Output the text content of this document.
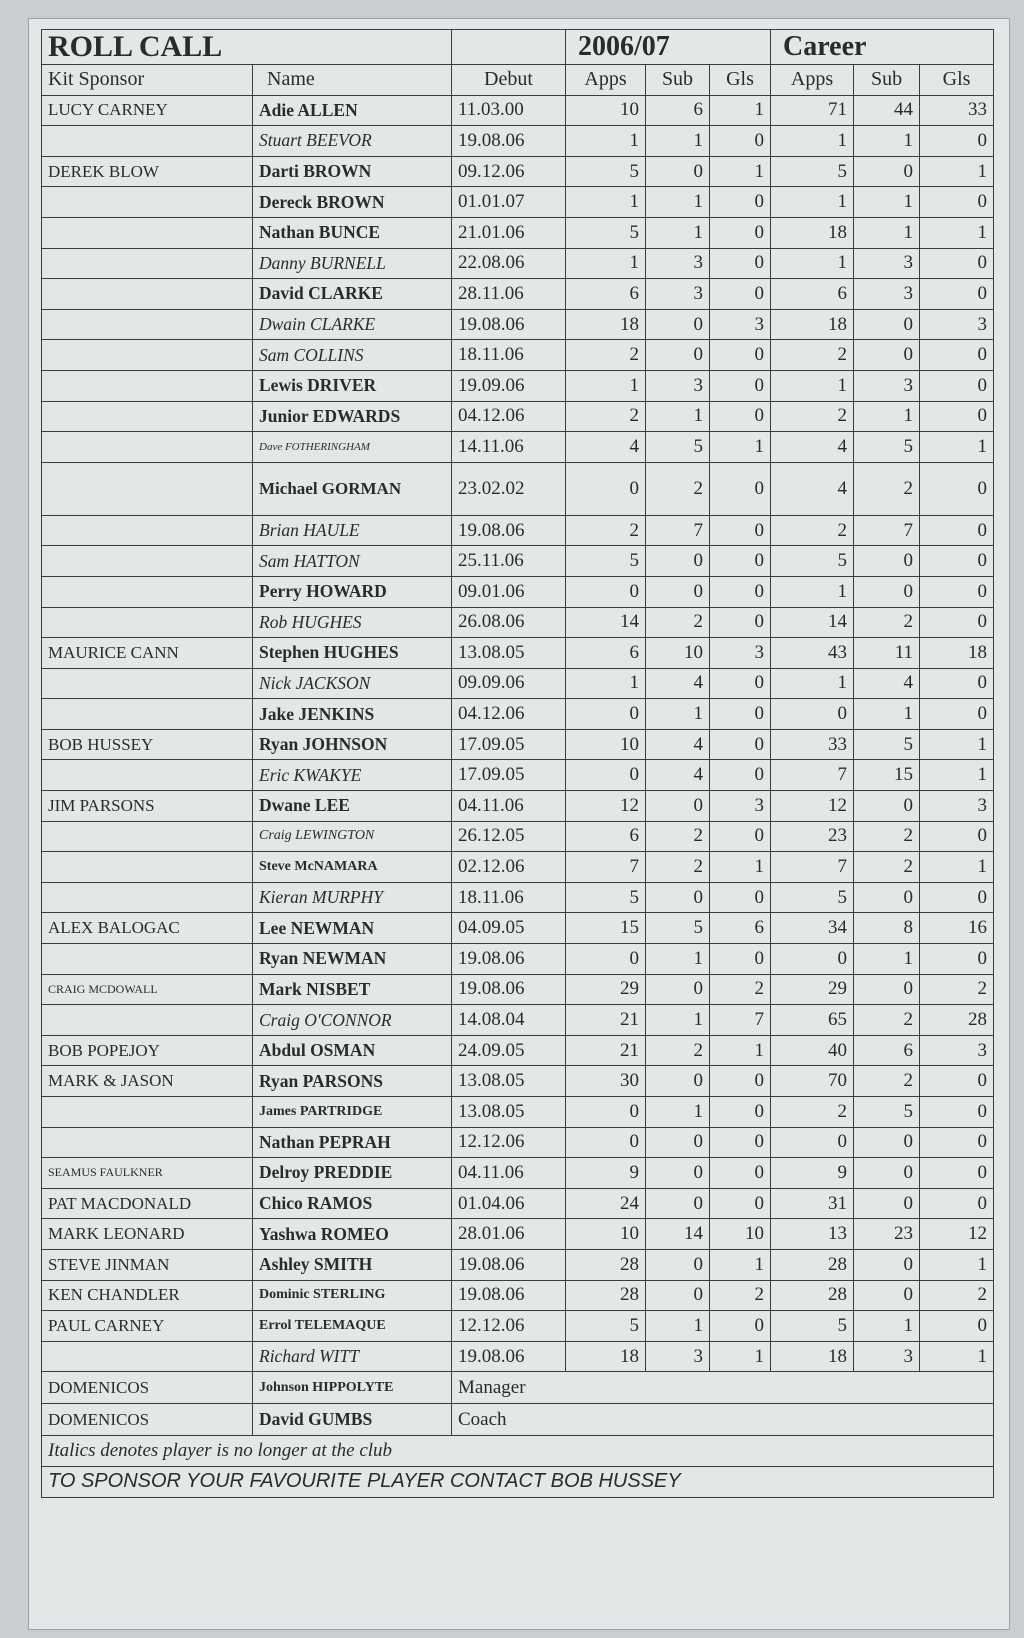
ROLL CALL			2006/07			Career		
Kit Sponsor	Name	Debut	Apps	Sub	Gls	Apps	Sub	Gls
LUCY CARNEY	Adie ALLEN	11.03.00	10	6	1	71	44	33
	Stuart BEEVOR	19.08.06	1	1	0	1	1	0
DEREK BLOW	Darti BROWN	09.12.06	5	0	1	5	0	1
	Dereck BROWN	01.01.07	1	1	0	1	1	0
	Nathan BUNCE	21.01.06	5	1	0	18	1	1
	Danny BURNELL	22.08.06	1	3	0	1	3	0
	David CLARKE	28.11.06	6	3	0	6	3	0
	Dwain CLARKE	19.08.06	18	0	3	18	0	3
	Sam COLLINS	18.11.06	2	0	0	2	0	0
	Lewis DRIVER	19.09.06	1	3	0	1	3	0
	Junior EDWARDS	04.12.06	2	1	0	2	1	0
	Dave FOTHERINGHAM	14.11.06	4	5	1	4	5	1
	Michael GORMAN	23.02.02	0	2	0	4	2	0
	Brian HAULE	19.08.06	2	7	0	2	7	0
	Sam HATTON	25.11.06	5	0	0	5	0	0
	Perry HOWARD	09.01.06	0	0	0	1	0	0
	Rob HUGHES	26.08.06	14	2	0	14	2	0
MAURICE CANN	Stephen HUGHES	13.08.05	6	10	3	43	11	18
	Nick JACKSON	09.09.06	1	4	0	1	4	0
	Jake JENKINS	04.12.06	0	1	0	0	1	0
BOB HUSSEY	Ryan JOHNSON	17.09.05	10	4	0	33	5	1
	Eric KWAKYE	17.09.05	0	4	0	7	15	1
JIM PARSONS	Dwane LEE	04.11.06	12	0	3	12	0	3
	Craig LEWINGTON	26.12.05	6	2	0	23	2	0
	Steve McNAMARA	02.12.06	7	2	1	7	2	1
	Kieran MURPHY	18.11.06	5	0	0	5	0	0
ALEX BALOGAC	Lee NEWMAN	04.09.05	15	5	6	34	8	16
	Ryan NEWMAN	19.08.06	0	1	0	0	1	0
CRAIG MCDOWALL	Mark NISBET	19.08.06	29	0	2	29	0	2
	Craig O'CONNOR	14.08.04	21	1	7	65	2	28
BOB POPEJOY	Abdul OSMAN	24.09.05	21	2	1	40	6	3
MARK & JASON	Ryan PARSONS	13.08.05	30	0	0	70	2	0
	James PARTRIDGE	13.08.05	0	1	0	2	5	0
	Nathan PEPRAH	12.12.06	0	0	0	0	0	0
SEAMUS FAULKNER	Delroy PREDDIE	04.11.06	9	0	0	9	0	0
PAT MACDONALD	Chico RAMOS	01.04.06	24	0	0	31	0	0
MARK LEONARD	Yashwa ROMEO	28.01.06	10	14	10	13	23	12
STEVE JINMAN	Ashley SMITH	19.08.06	28	0	1	28	0	1
KEN CHANDLER	Dominic STERLING	19.08.06	28	0	2	28	0	2
PAUL CARNEY	Errol TELEMAQUE	12.12.06	5	1	0	5	1	0
	Richard WITT	19.08.06	18	3	1	18	3	1
DOMENICOS	Johnson HIPPOLYTE	Manager						
DOMENICOS	David GUMBS	Coach						
Italics denotes player is no longer at the club								
TO SPONSOR YOUR FAVOURITE PLAYER CONTACT BOB HUSSEY								
